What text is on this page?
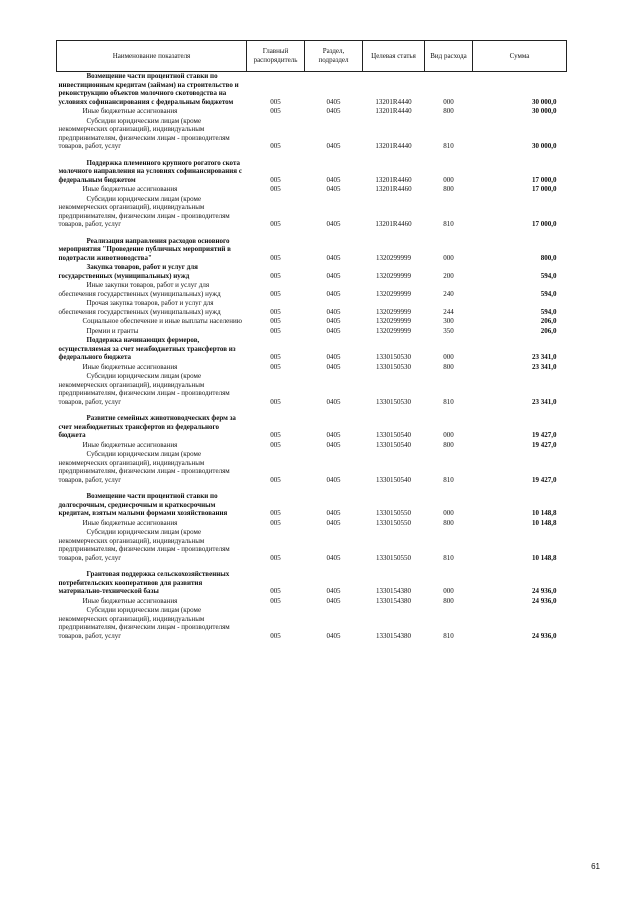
Наименование показателя	Главный распорядитель	Раздел, подраздел	Целевая статья	Вид расхода	Сумма
Возмещение части процентной ставки по инвестиционным кредитам (займам) на строительство и реконструкцию объектов молочного скотоводства на условиях софинансирования с федеральным бюджетом	005	0405	13201R4440	000	30 000,0
Иные бюджетные ассигнования	005	0405	13201R4440	800	30 000,0
Субсидии юридическим лицам (кроме некоммерческих организаций), индивидуальным предпринимателям, физическим лицам - производителям товаров, работ, услуг	005	0405	13201R4440	810	30 000,0

Поддержка племенного крупного рогатого скота молочного направления на условиях софинансирования с федеральным бюджетом	005	0405	13201R4460	000	17 000,0
Иные бюджетные ассигнования	005	0405	13201R4460	800	17 000,0
Субсидии юридическим лицам (кроме некоммерческих организаций), индивидуальным предпринимателям, физическим лицам - производителям товаров, работ, услуг	005	0405	13201R4460	810	17 000,0

Реализация направления расходов основного мероприятия "Проведение публичных мероприятий в подотрасли животноводства"	005	0405	1320299999	000	800,0
Закупка товаров, работ и услуг для государственных (муниципальных) нужд	005	0405	1320299999	200	594,0
Иные закупки товаров, работ и услуг для обеспечения государственных (муниципальных) нужд	005	0405	1320299999	240	594,0
Прочая закупка товаров, работ и услуг для обеспечения государственных (муниципальных) нужд	005	0405	1320299999	244	594,0
Социальное обеспечение и иные выплаты населению	005	0405	1320299999	300	206,0
Премии и гранты	005	0405	1320299999	350	206,0
Поддержка начинающих фермеров, осуществляемая за счет межбюджетных трансфертов из федерального бюджета	005	0405	1330150530	000	23 341,0
Иные бюджетные ассигнования	005	0405	1330150530	800	23 341,0
Субсидии юридическим лицам (кроме некоммерческих организаций), индивидуальным предпринимателям, физическим лицам - производителям товаров, работ, услуг	005	0405	1330150530	810	23 341,0

Развитие семейных животноводческих ферм за счет межбюджетных трансфертов из федерального бюджета	005	0405	1330150540	000	19 427,0
Иные бюджетные ассигнования	005	0405	1330150540	800	19 427,0
Субсидии юридическим лицам (кроме некоммерческих организаций), индивидуальным предпринимателям, физическим лицам - производителям товаров, работ, услуг	005	0405	1330150540	810	19 427,0

Возмещение части процентной ставки по долгосрочным, среднесрочным и краткосрочным кредитам, взятым малыми формами хозяйствования	005	0405	1330150550	000	10 148,8
Иные бюджетные ассигнования	005	0405	1330150550	800	10 148,8
Субсидии юридическим лицам (кроме некоммерческих организаций), индивидуальным предпринимателям, физическим лицам - производителям товаров, работ, услуг	005	0405	1330150550	810	10 148,8

Грантовая поддержка сельскохозяйственных потребительских кооперативов для развития материально-технической базы	005	0405	1330154380	000	24 936,0
Иные бюджетные ассигнования	005	0405	1330154380	800	24 936,0
Субсидии юридическим лицам (кроме некоммерческих организаций), индивидуальным предпринимателям, физическим лицам - производителям товаров, работ, услуг	005	0405	1330154380	810	24 936,0
61
